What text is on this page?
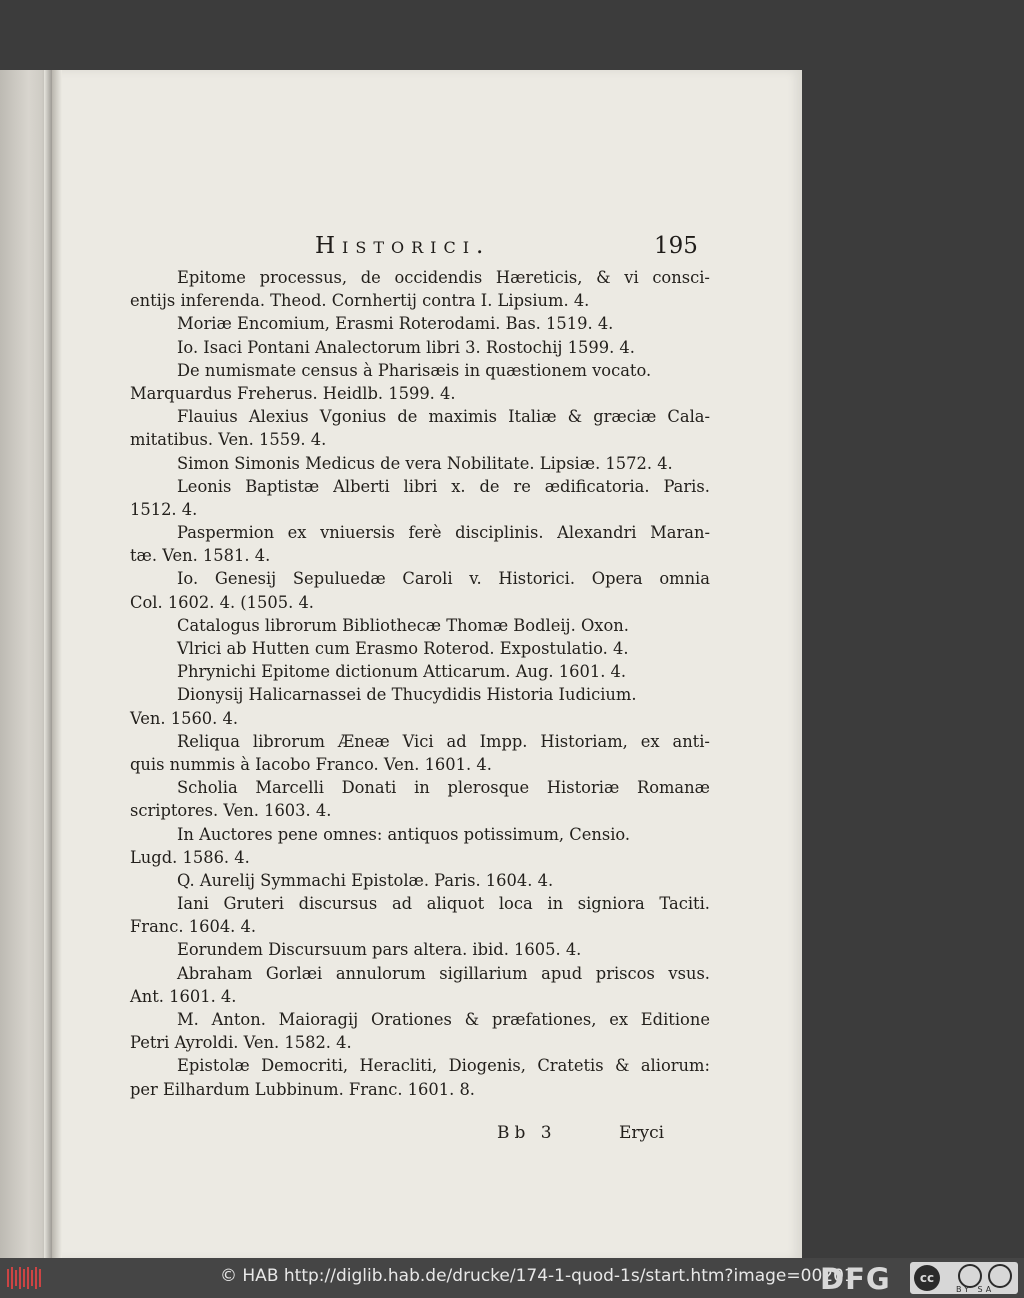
Historici.	195
Epitome processus, de occidendis Hæreticis, & vi consci-
entijs inferenda. Theod. Cornhertij contra I. Lipsium. 4.
Moriæ Encomium, Erasmi Roterodami. Bas. 1519. 4.
Io. Isaci Pontani Analectorum libri 3. Rostochij 1599. 4.
De numismate census à Pharisæis in quæstionem vocato.
Marquardus Freherus. Heidlb. 1599. 4.
Flauius Alexius Vgonius de maximis Italiæ & græciæ Cala-
mitatibus. Ven. 1559. 4.
Simon Simonis Medicus de vera Nobilitate. Lipsiæ. 1572. 4.
Leonis Baptistæ Alberti libri x. de re ædificatoria. Paris.
1512. 4.
Paspermion ex vniuersis ferè disciplinis. Alexandri Maran-
tæ. Ven. 1581. 4.
Io. Genesij Sepuluedæ Caroli v. Historici. Opera omnia
Col. 1602. 4. (1505. 4.
Catalogus librorum Bibliothecæ Thomæ Bodleij. Oxon.
Vlrici ab Hutten cum Erasmo Roterod. Expostulatio. 4.
Phrynichi Epitome dictionum Atticarum. Aug. 1601. 4.
Dionysij Halicarnassei de Thucydidis Historia Iudicium.
Ven. 1560. 4.
Reliqua librorum Æneæ Vici ad Impp. Historiam, ex anti-
quis nummis à Iacobo Franco. Ven. 1601. 4.
Scholia Marcelli Donati in plerosque Historiæ Romanæ
scriptores. Ven. 1603. 4.
In Auctores pene omnes: antiquos potissimum, Censio.
Lugd. 1586. 4.
Q. Aurelij Symmachi Epistolæ. Paris. 1604. 4.
Iani Gruteri discursus ad aliquot loca in signiora Taciti.
Franc. 1604. 4.
Eorundem Discursuum pars altera. ibid. 1605. 4.
Abraham Gorlæi annulorum sigillarium apud priscos vsus.
Ant. 1601. 4.
M. Anton. Maioragij Orationes & præfationes, ex Editione
Petri Ayroldi. Ven. 1582. 4.
Epistolæ Democriti, Heracliti, Diogenis, Cratetis & aliorum:
per Eilhardum Lubbinum. Franc. 1601. 8.
Bb 3	Eryci
© HAB http://diglib.hab.de/drucke/174-1-quod-1s/start.htm?image=00201
DFG	cc
BY SA
